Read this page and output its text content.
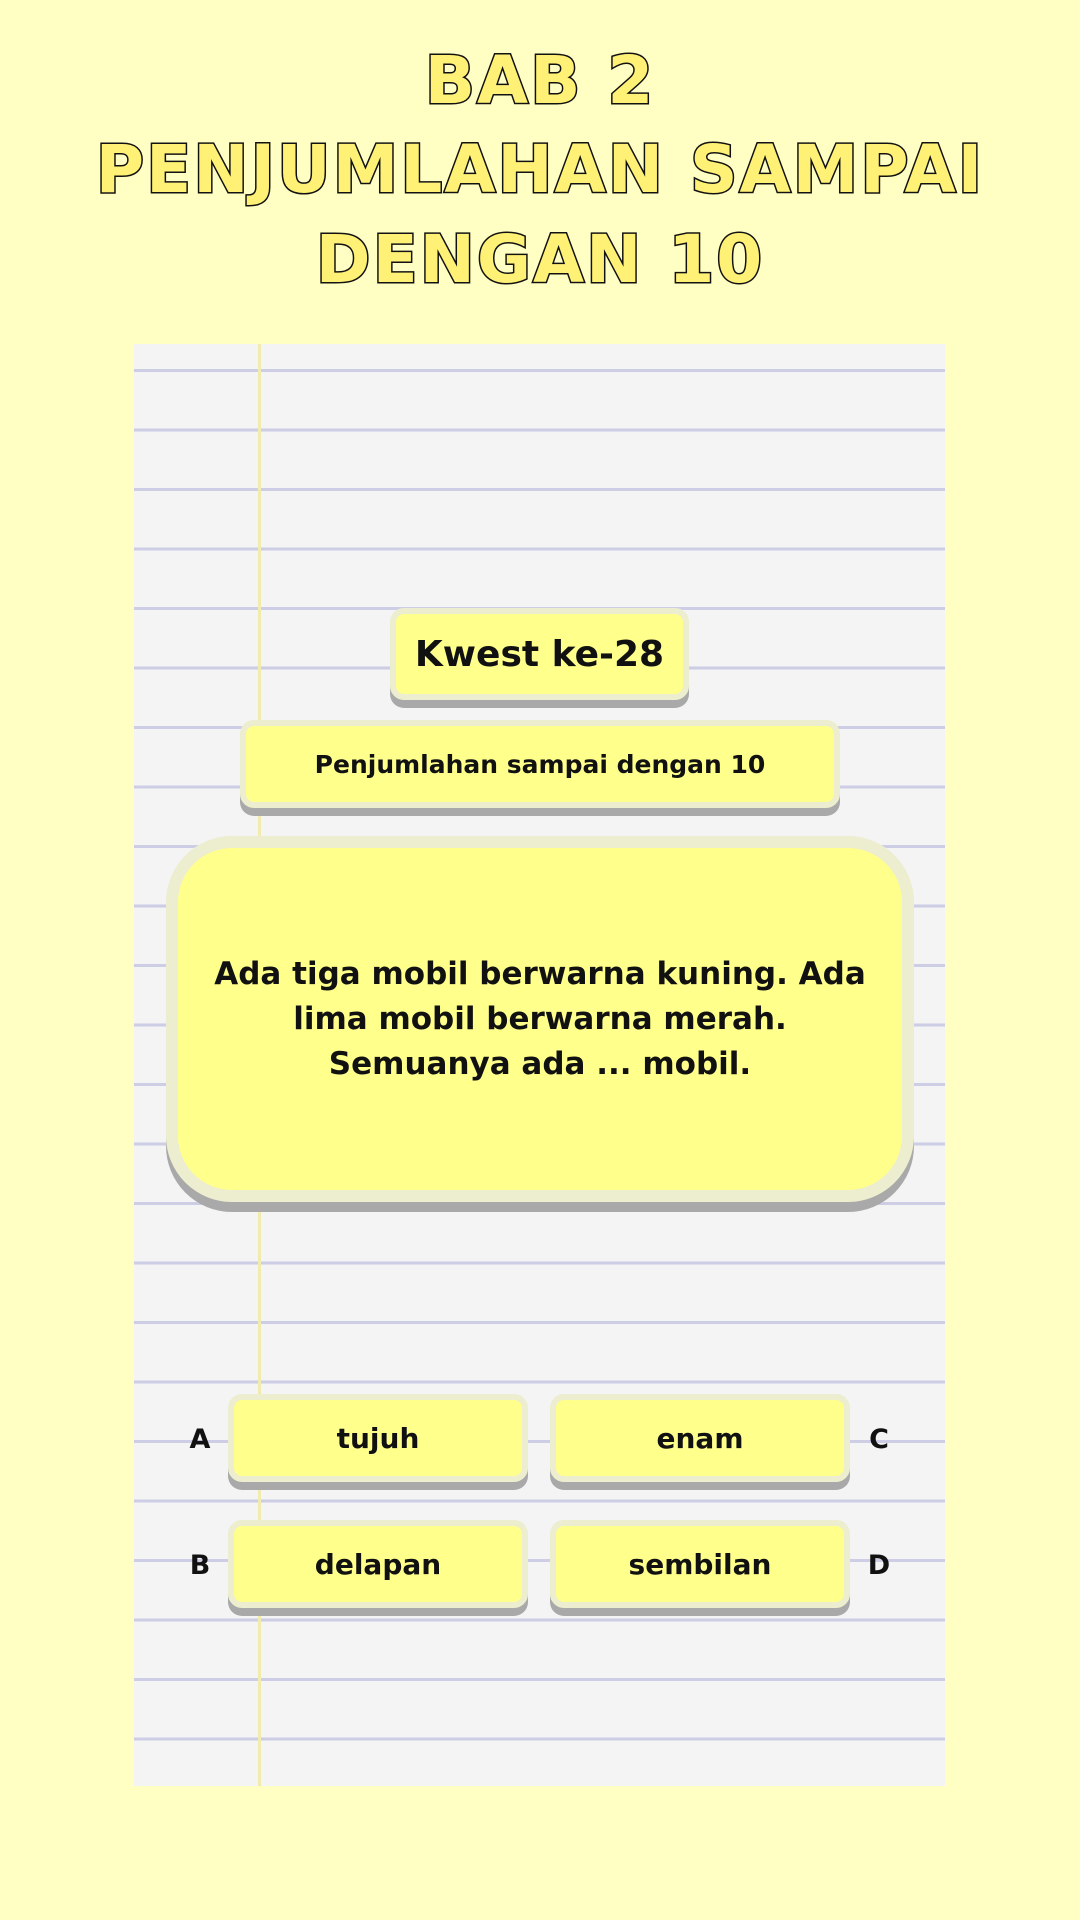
BAB 2
PENJUMLAHAN SAMPAI
DENGAN 10
Kwest ke-28
Penjumlahan sampai dengan 10
Ada tiga mobil berwarna kuning. Ada lima mobil berwarna merah. Semuanya ada ... mobil.
A	tujuh	enam	C
B	delapan	sembilan	D
